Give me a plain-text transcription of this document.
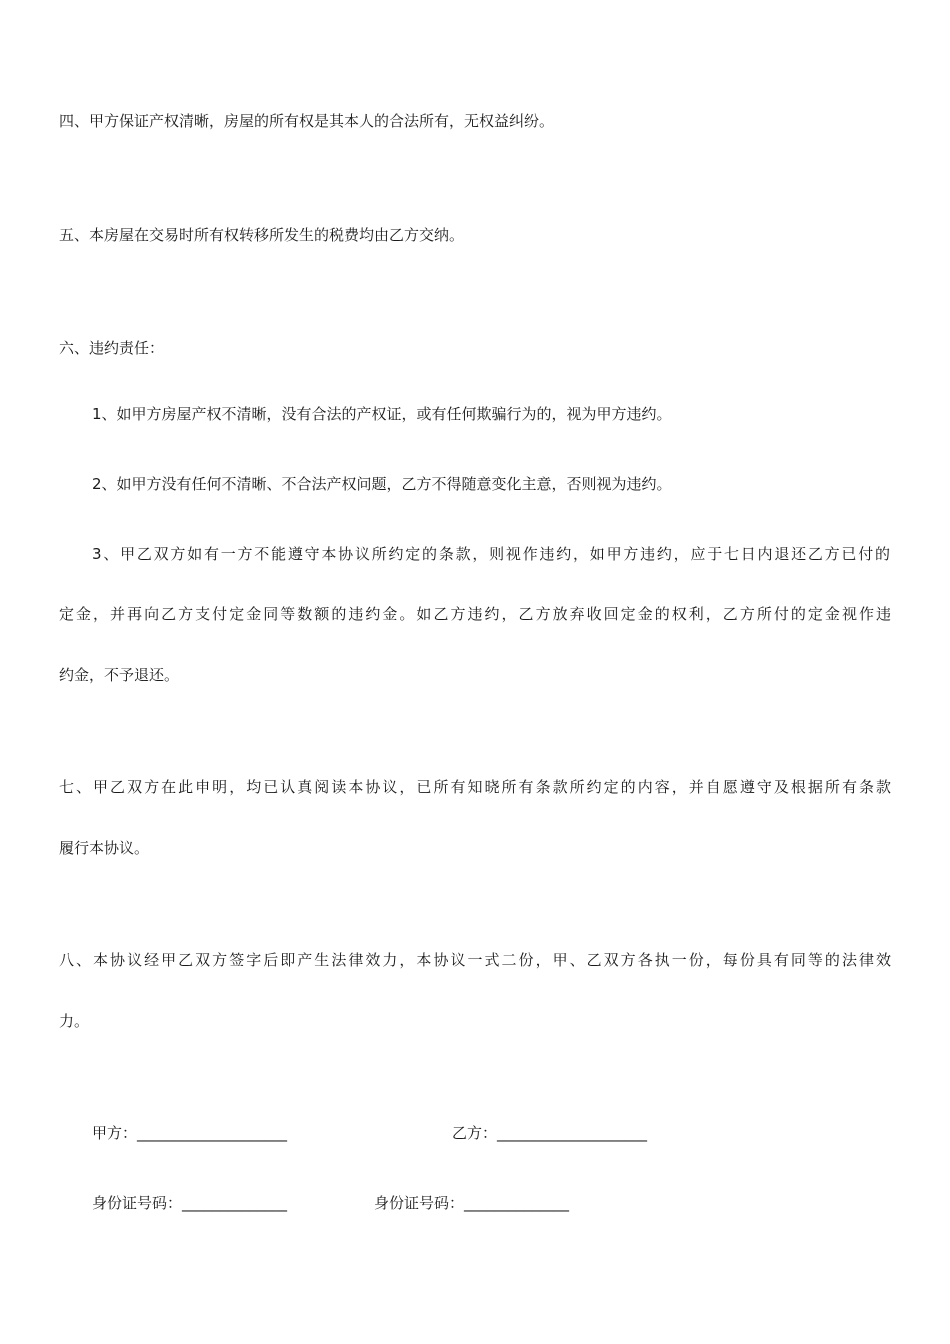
四、甲方保证产权清晰，房屋的所有权是其本人的合法所有，无权益纠纷。

五、本房屋在交易时所有权转移所发生的税费均由乙方交纳。

六、违约责任：

1、如甲方房屋产权不清晰，没有合法的产权证，或有任何欺骗行为的，视为甲方违约。

2、如甲方没有任何不清晰、不合法产权问题，乙方不得随意变化主意，否则视为违约。

3、甲乙双方如有一方不能遵守本协议所约定的条款，则视作违约，如甲方违约，应于七日内退还乙方已付的

定金，并再向乙方支付定金同等数额的违约金。如乙方违约，乙方放弃收回定金的权利，乙方所付的定金视作违

约金，不予退还。

七、甲乙双方在此申明，均已认真阅读本协议，已所有知晓所有条款所约定的内容，并自愿遵守及根据所有条款

履行本协议。

八、本协议经甲乙双方签字后即产生法律效力，本协议一式二份，甲、乙双方各执一份，每份具有同等的法律效

力。

甲方：____________________	乙方：____________________
身份证号码：______________	身份证号码：______________
